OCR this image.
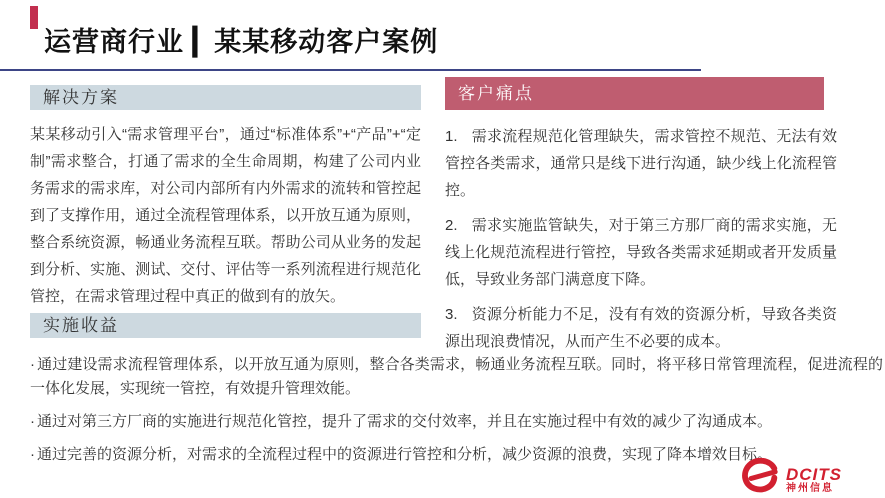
运营商行业 ▎某某移动客户案例
解决方案
某某移动引入“需求管理平台”，通过“标准体系”+“产品”+“定制”需求整合，打通了需求的全生命周期，构建了公司内业务需求的需求库，对公司内部所有内外需求的流转和管控起到了支撑作用，通过全流程管理体系，以开放互通为原则，整合系统资源，畅通业务流程互联。帮助公司从业务的发起到分析、实施、测试、交付、评估等一系列流程进行规范化管控，在需求管理过程中真正的做到有的放矢。
客户痛点
1. 需求流程规范化管理缺失，需求管控不规范、无法有效管控各类需求，通常只是线下进行沟通，缺少线上化流程管控。
2. 需求实施监管缺失，对于第三方那厂商的需求实施，无线上化规范流程进行管控，导致各类需求延期或者开发质量低，导致业务部门满意度下降。
3. 资源分析能力不足，没有有效的资源分析，导致各类资源出现浪费情况，从而产生不必要的成本。
实施收益
· 通过建设需求流程管理体系，以开放互通为原则，整合各类需求，畅通业务流程互联。同时，将平移日常管理流程，促进流程的一体化发展，实现统一管控，有效提升管理效能。
· 通过对第三方厂商的实施进行规范化管控，提升了需求的交付效率，并且在实施过程中有效的减少了沟通成本。
· 通过完善的资源分析，对需求的全流程过程中的资源进行管控和分析，减少资源的浪费，实现了降本增效目标。
DCITS
神州信息
